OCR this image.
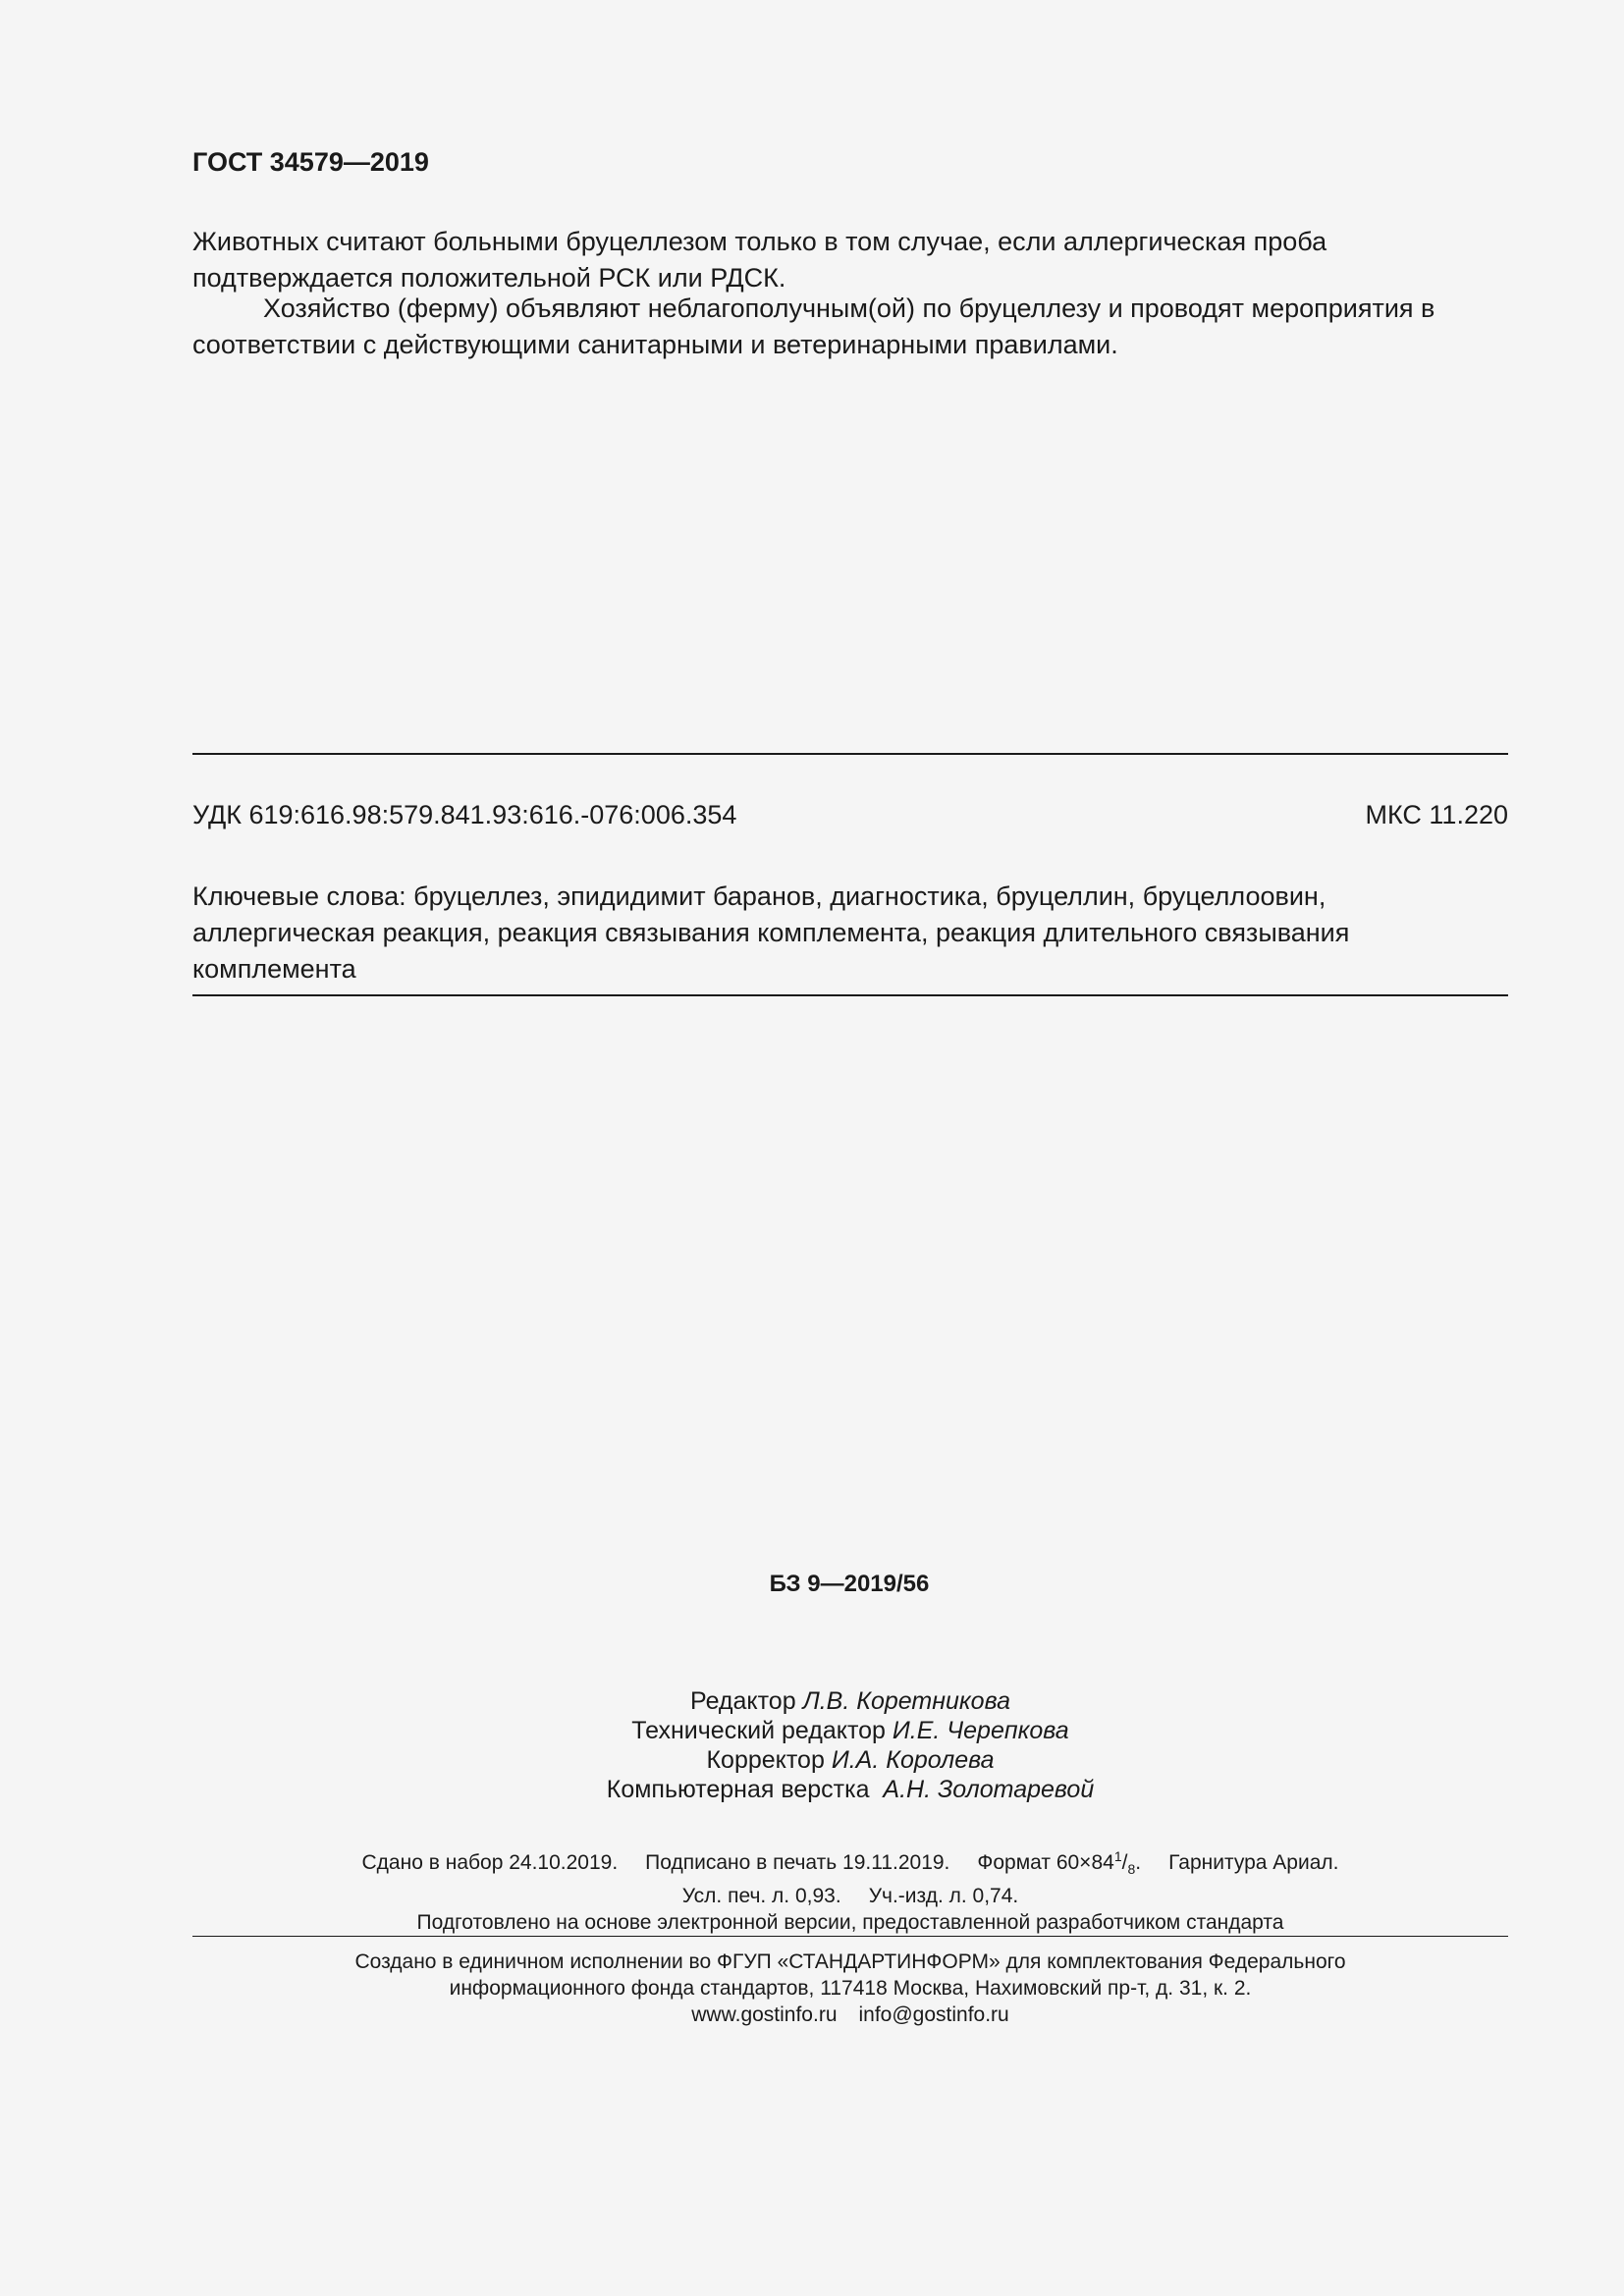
ГОСТ 34579—2019

Животных считают больными бруцеллезом только в том случае, если аллергическая проба подтверждается положительной РСК или РДСК.

Хозяйство (ферму) объявляют неблагополучным(ой) по бруцеллезу и проводят мероприятия в соответствии с действующими санитарными и ветеринарными правилами.

УДК 619:616.98:579.841.93:616.-076:006.354	МКС 11.220

Ключевые слова: бруцеллез, эпидидимит баранов, диагностика, бруцеллин, бруцеллоовин, аллергическая реакция, реакция связывания комплемента, реакция длительного связывания комплемента

БЗ 9—2019/56
Редактор Л.В. Коретникова
Технический редактор И.Е. Черепкова
Корректор И.А. Королева
Компьютерная верстка  А.Н. Золотаревой
Сдано в набор 24.10.2019. Подписано в печать 19.11.2019. Формат $60\times 84^1/_8$. Гарнитура Ариал.
Усл. печ. л. 0,93. Уч.-изд. л. 0,74.
Подготовлено на основе электронной версии, предоставленной разработчиком стандарта
Создано в единичном исполнении во ФГУП «СТАНДАРТИНФОРМ» для комплектования Федерального
информационного фонда стандартов, 117418 Москва, Нахимовский пр-т, д. 31, к. 2.
www.gostinfo.ru info@gostinfo.ru
